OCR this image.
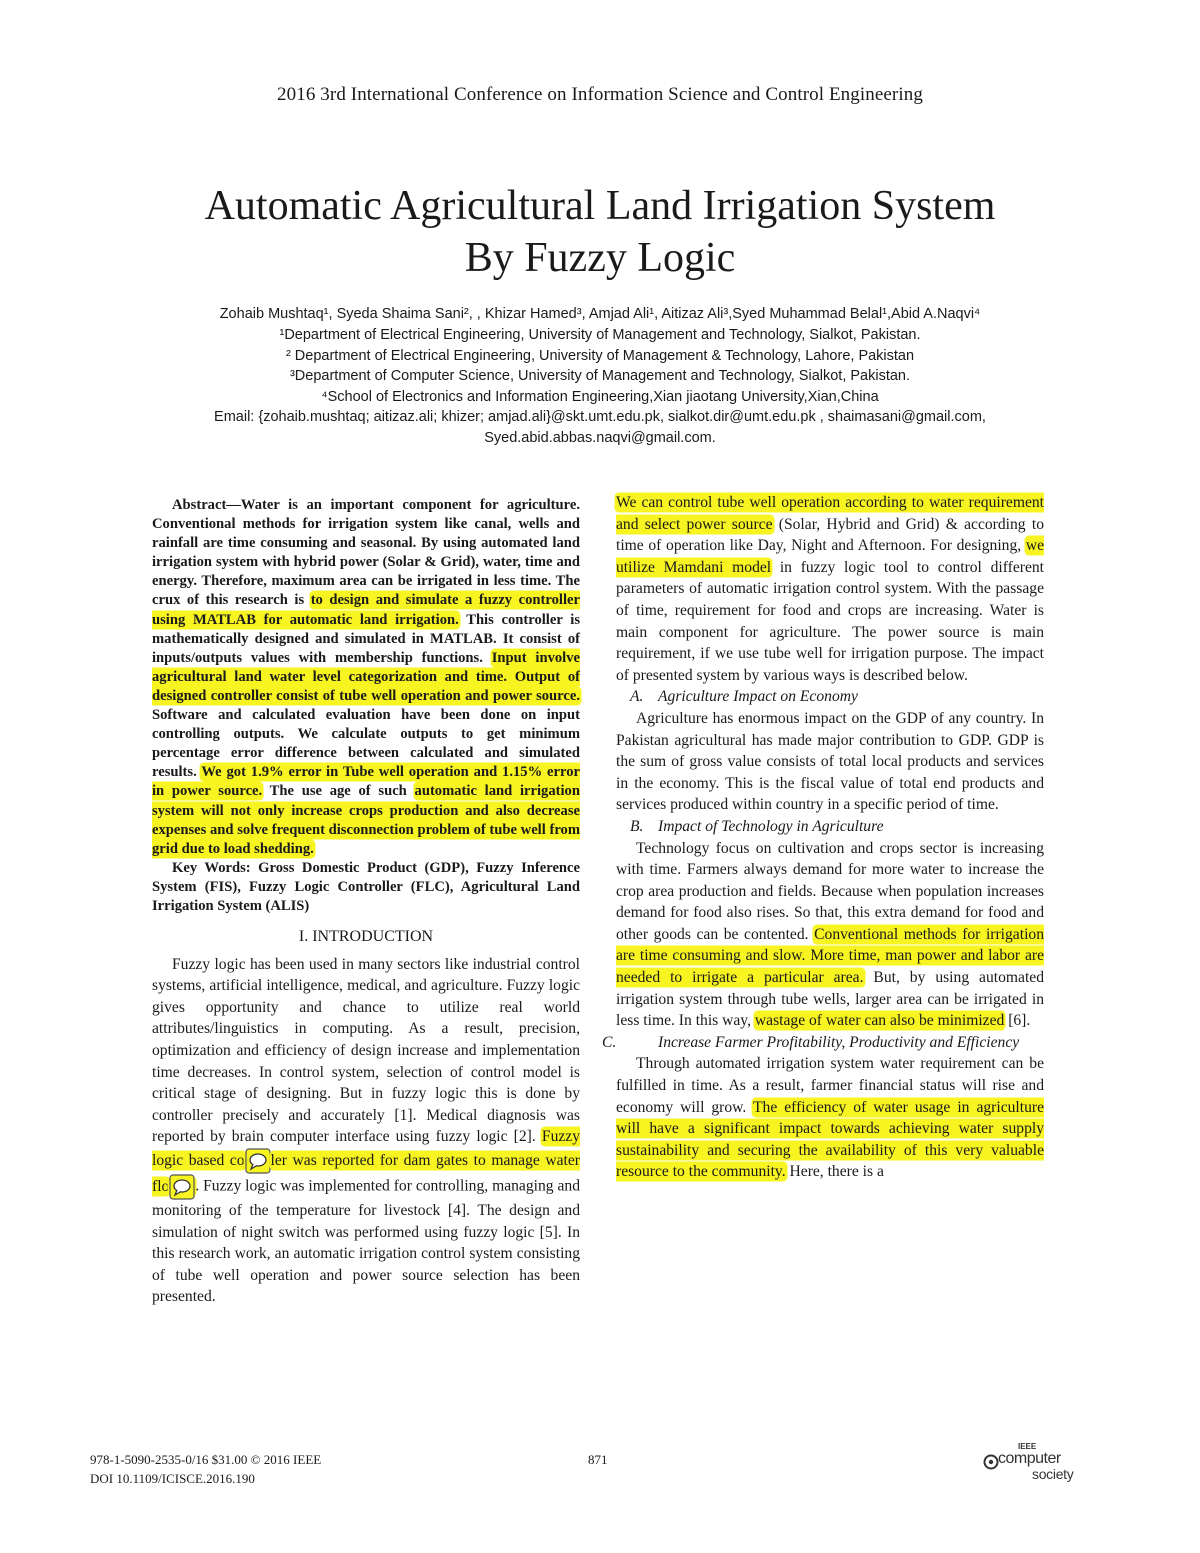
2016 3rd International Conference on Information Science and Control Engineering
Automatic Agricultural Land Irrigation System
By Fuzzy Logic
Zohaib Mushtaq¹, Syeda Shaima Sani², , Khizar Hamed³, Amjad Ali¹, Aitizaz Ali³,Syed Muhammad Belal¹,Abid A.Naqvi⁴
¹Department of Electrical Engineering, University of Management and Technology, Sialkot, Pakistan.
² Department of Electrical Engineering, University of Management & Technology, Lahore, Pakistan
³Department of Computer Science, University of Management and Technology, Sialkot, Pakistan.
⁴School of Electronics and Information Engineering,Xian jiaotang University,Xian,China
Email: {zohaib.mushtaq; aitizaz.ali; khizer; amjad.ali}@skt.umt.edu.pk, sialkot.dir@umt.edu.pk , shaimasani@gmail.com,
Syed.abid.abbas.naqvi@gmail.com.

Abstract—Water is an important component for agriculture. Conventional methods for irrigation system like canal, wells and rainfall are time consuming and seasonal. By using automated land irrigation system with hybrid power (Solar & Grid), water, time and energy. Therefore, maximum area can be irrigated in less time. The crux of this research is to design and simulate a fuzzy controller using MATLAB for automatic land irrigation. This controller is mathematically designed and simulated in MATLAB. It consist of inputs/outputs values with membership functions. Input involve agricultural land water level categorization and time. Output of designed controller consist of tube well operation and power source. Software and calculated evaluation have been done on input controlling outputs. We calculate outputs to get minimum percentage error difference between calculated and simulated results. We got 1.9% error in Tube well operation and 1.15% error in power source. The use age of such automatic land irrigation system will not only increase crops production and also decrease expenses and solve frequent disconnection problem of tube well from grid due to load shedding.

Key Words: Gross Domestic Product (GDP), Fuzzy Inference System (FIS), Fuzzy Logic Controller (FLC), Agricultural Land Irrigation System (ALIS)

I. INTRODUCTION

Fuzzy logic has been used in many sectors like industrial control systems, artificial intelligence, medical, and agriculture. Fuzzy logic gives opportunity and chance to utilize real world attributes/linguistics in computing. As a result, precision, optimization and efficiency of design increase and implementation time decreases. In control system, selection of control model is critical stage of designing. But in fuzzy logic this is done by controller precisely and accurately [1]. Medical diagnosis was reported by brain computer interface using fuzzy logic [2]. Fuzzy logic based co ler was reported for dam gates to manage water flo . Fuzzy logic was implemented for controlling, managing and monitoring of the temperature for livestock [4]. The design and simulation of night switch was performed using fuzzy logic [5]. In this research work, an automatic irrigation control system consisting of tube well operation and power source selection has been presented.

We can control tube well operation according to water requirement and select power source (Solar, Hybrid and Grid) & according to time of operation like Day, Night and Afternoon. For designing, we utilize Mamdani model in fuzzy logic tool to control different parameters of automatic irrigation control system. With the passage of time, requirement for food and crops are increasing. Water is main component for agriculture. The power source is main requirement, if we use tube well for irrigation purpose. The impact of presented system by various ways is described below.

A. Agriculture Impact on Economy

Agriculture has enormous impact on the GDP of any country. In Pakistan agricultural has made major contribution to GDP. GDP is the sum of gross value consists of total local products and services in the economy. This is the fiscal value of total end products and services produced within country in a specific period of time.

B. Impact of Technology in Agriculture

Technology focus on cultivation and crops sector is increasing with time. Farmers always demand for more water to increase the crop area production and fields. Because when population increases demand for food also rises. So that, this extra demand for food and other goods can be contented. Conventional methods for irrigation are time consuming and slow. More time, man power and labor are needed to irrigate a particular area. But, by using automated irrigation system through tube wells, larger area can be irrigated in less time. In this way, wastage of water can also be minimized [6].

C.	Increase Farmer Profitability, Productivity and Efficiency

Through automated irrigation system water requirement can be fulfilled in time. As a result, farmer financial status will rise and economy will grow. The efficiency of water usage in agriculture will have a significant impact towards achieving water supply sustainability and securing the availability of this very valuable resource to the community. Here, there is a

978-1-5090-2535-0/16 $31.00 © 2016 IEEE
DOI 10.1109/ICISCE.2016.190
871
IEEE
computer
society
